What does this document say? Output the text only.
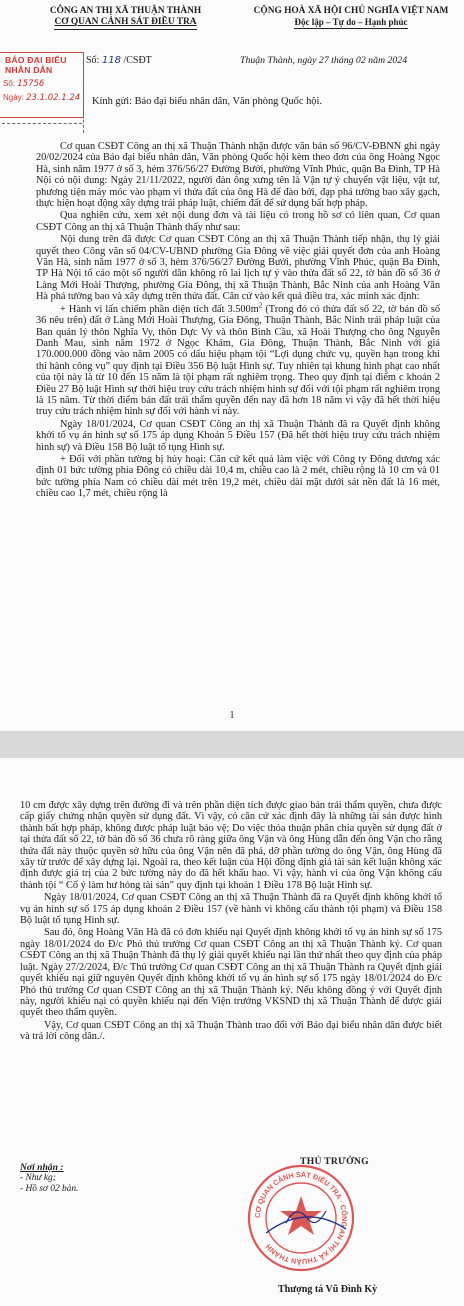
CÔNG AN THỊ XÃ THUẬN THÀNH
CƠ QUAN CẢNH SÁT ĐIỀU TRA
CỘNG HOÀ XÃ HỘI CHỦ NGHĨA VIỆT NAM
Độc lập – Tự do – Hạnh phúc
BÁO ĐẠI BIỂU NHÂN DÂN
Số: 15756
Ngày: 23.1.02.1.24
Số: 118 /CSĐT	Thuận Thành, ngày 27 tháng 02 năm 2024
Kính gửi: Báo đại biểu nhân dân, Văn phòng Quốc hội.

Cơ quan CSĐT Công an thị xã Thuận Thành nhận được văn bản số 96/CV-ĐBNN ghi ngày 20/02/2024 của Báo đại biểu nhân dân, Văn phòng Quốc hội kèm theo đơn của ông Hoàng Ngọc Hà, sinh năm 1977 ở số 3, hẻm 376/56/27 Đường Bưởi, phường Vĩnh Phúc, quận Ba Đình, TP Hà Nội có nội dung: Ngày 21/11/2022, người đàn ông xưng tên là Vận tự ý chuyển vật liệu, vật tư, phương tiện máy móc vào phạm vi thửa đất của ông Hà để đào bới, đạp phá tường bao xây gạch, thực hiện hoạt động xây dựng trái pháp luật, chiếm đất để sử dụng bất hợp pháp.

Qua nghiên cứu, xem xét nội dung đơn và tài liệu có trong hồ sơ có liên quan, Cơ quan CSĐT Công an thị xã Thuận Thành thấy như sau:

Nội dung trên đã được Cơ quan CSĐT Công an thị xã Thuận Thành tiếp nhận, thụ lý giải quyết theo Công văn số 04/CV-UBND phường Gia Đông về việc giải quyết đơn của anh Hoàng Văn Hà, sinh năm 1977 ở số 3, hẻm 376/56/27 Đường Bưởi, phường Vĩnh Phúc, quận Ba Đình, TP Hà Nội tố cáo một số người dân không rõ lai lịch tự ý vào thửa đất số 22, tờ bản đồ số 36 ở Làng Mới Hoài Thượng, phường Gia Đông, thị xã Thuận Thành, Bắc Ninh của anh Hoàng Văn Hà phá tường bao và xây dựng trên thửa đất. Căn cứ vào kết quả điều tra, xác minh xác định:

+ Hành vi lấn chiếm phần diện tích đất $3.500m^2$ (Trong đó có thửa đất số 22, tờ bản đồ số 36 nêu trên) đất ở Làng Mới Hoài Thượng, Gia Đông, Thuận Thành, Bắc Ninh trái pháp luật của Ban quản lý thôn Nghĩa Vy, thôn Dực Vy và thôn Bình Cầu, xã Hoài Thượng cho ông Nguyễn Danh Mau, sinh năm 1972 ở Ngọc Khám, Gia Đông, Thuận Thành, Bắc Ninh với giá 170.000.000 đồng vào năm 2005 có dấu hiệu phạm tội “Lợi dụng chức vụ, quyền hạn trong khi thi hành công vụ” quy định tại Điều 356 Bộ luật Hình sự. Tuy nhiên tại khung hình phạt cao nhất của tội này là từ 10 đến 15 năm là tội phạm rất nghiêm trọng. Theo quy định tại điểm c khoản 2 Điều 27 Bộ luật Hình sự thời hiệu truy cứu trách nhiệm hình sự đối với tội phạm rất nghiêm trọng là 15 năm. Từ thời điểm bán đất trái thẩm quyền đến nay đã hơn 18 năm vì vậy đã hết thời hiệu truy cứu trách nhiệm hình sự đối với hành vi này.

Ngày 18/01/2024, Cơ quan CSĐT Công an thị xã Thuận Thành đã ra Quyết định không khởi tố vụ án hình sự số 175 áp dụng Khoản 5 Điều 157 (Đã hết thời hiệu truy cứu trách nhiệm hình sự) và Điều 158 Bộ luật tố tụng Hình sự.

+ Đối với phần tường bị hủy hoại: Căn cứ kết quả làm việc với Công ty Đông dương xác định 01 bức tường phía Đông có chiều dài 10,4 m, chiều cao là 2 mét, chiều rộng là 10 cm và 01 bức tường phía Nam có chiều dài mét trên 19,2 mét, chiều dài mặt dưới sát nền đất là 16 mét, chiều cao 1,7 mét, chiều rộng là

1

10 cm được xây dựng trên đường đi và trên phần diện tích được giao bán trái thẩm quyền, chưa được cấp giấy chứng nhận quyền sử dụng đất. Vì vậy, có căn cứ xác định đây là những tài sản được hình thành bất hợp pháp, không được pháp luật bảo vệ; Do việc thỏa thuận phân chia quyền sử dụng đất ở tại thửa đất số 22, tờ bản đồ số 36 chưa rõ ràng giữa ông Vận và ông Hùng dẫn đến ông Vận cho rằng thửa đất này thuộc quyền sở hữu của ông Vận nên đã phá, dỡ phần tường do ông Vận, ông Hùng đã xây từ trước để xây dựng lại. Ngoài ra, theo kết luận của Hội đồng định giá tài sản kết luận không xác định được giá trị của 2 bức tường này do đã hết khấu hao. Vì vậy, hành vi của ông Vận không cấu thành tội “ Cố ý làm hư hỏng tài sản” quy định tại khoản 1 Điều 178 Bộ luật Hình sự.

Ngày 18/01/2024, Cơ quan CSĐT Công an thị xã Thuận Thành đã ra Quyết định không khởi tố vụ án hình sự số 175 áp dụng khoản 2 Điều 157 (về hành vi không cấu thành tội phạm) và Điều 158 Bộ luật tố tụng Hình sự.

Sau đó, ông Hoàng Văn Hà đã có đơn khiếu nại Quyết định không khởi tố vụ án hình sự số 175 ngày 18/01/2024 do Đ/c Phó thủ trưởng Cơ quan CSĐT Công an thị xã Thuận Thành ký. Cơ quan CSĐT Công an thị xã Thuận Thành đã thụ lý giải quyết khiếu nại lần thứ nhất theo quy định của pháp luật. Ngày 27/2/2024, Đ/c Thủ trưởng Cơ quan CSĐT Công an thị xã Thuận Thành ra Quyết định giải quyết khiếu nại giữ nguyên Quyết định không khởi tố vụ án hình sự số 175 ngày 18/01/2024 do Đ/c Phó thủ trưởng Cơ quan CSĐT Công an thị xã Thuận Thành ký. Nếu không đồng ý với Quyết định này, người khiếu nại có quyền khiếu nại đến Viện trưởng VKSND thị xã Thuận Thành để được giải quyết theo thẩm quyền.

Vậy, Cơ quan CSĐT Công an thị xã Thuận Thành trao đổi với Báo đại biểu nhân dân được biết và trả lời công dân./.

Nơi nhận :
- Như kg;
- Hồ sơ 02 bản.
CƠ QUAN CẢNH SÁT ĐIỀU TRA · CÔNG AN THỊ XÃ THUẬN THÀNH
THỦ TRƯỞNG
Thượng tá Vũ Đình Kỳ
